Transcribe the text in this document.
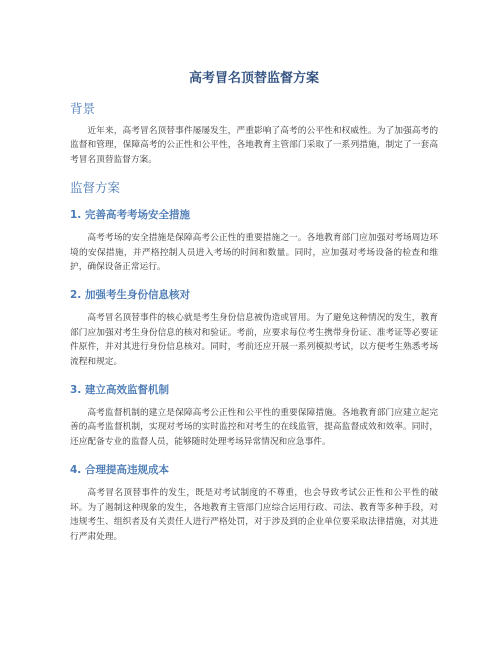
高考冒名顶替监督方案
背景

近年来，高考冒名顶替事件屡屡发生，严重影响了高考的公平性和权威性。为了加强高考的监督和管理，保障高考的公正性和公平性，各地教育主管部门采取了一系列措施，制定了一套高考冒名顶替监督方案。

监督方案
1. 完善高考考场安全措施

高考考场的安全措施是保障高考公正性的重要措施之一。各地教育部门应加强对考场周边环境的安保措施，并严格控制人员进入考场的时间和数量。同时，应加强对考场设备的检查和维护，确保设备正常运行。

2. 加强考生身份信息核对

高考冒名顶替事件的核心就是考生身份信息被伪造或冒用。为了避免这种情况的发生，教育部门应加强对考生身份信息的核对和验证。考前，应要求每位考生携带身份证、准考证等必要证件原件，并对其进行身份信息核对。同时，考前还应开展一系列模拟考试，以方便考生熟悉考场流程和规定。

3. 建立高效监督机制

高考监督机制的建立是保障高考公正性和公平性的重要保障措施。各地教育部门应建立起完善的高考监督机制，实现对考场的实时监控和对考生的在线监管，提高监督成效和效率。同时，还应配备专业的监督人员，能够随时处理考场异常情况和应急事件。

4. 合理提高违规成本

高考冒名顶替事件的发生，既是对考试制度的不尊重，也会导致考试公正性和公平性的破坏。为了遏制这种现象的发生，各地教育主管部门应综合运用行政、司法、教育等多种手段，对违规考生、组织者及有关责任人进行严格处罚，对于涉及到的企业单位要采取法律措施，对其进行严肃处理。
